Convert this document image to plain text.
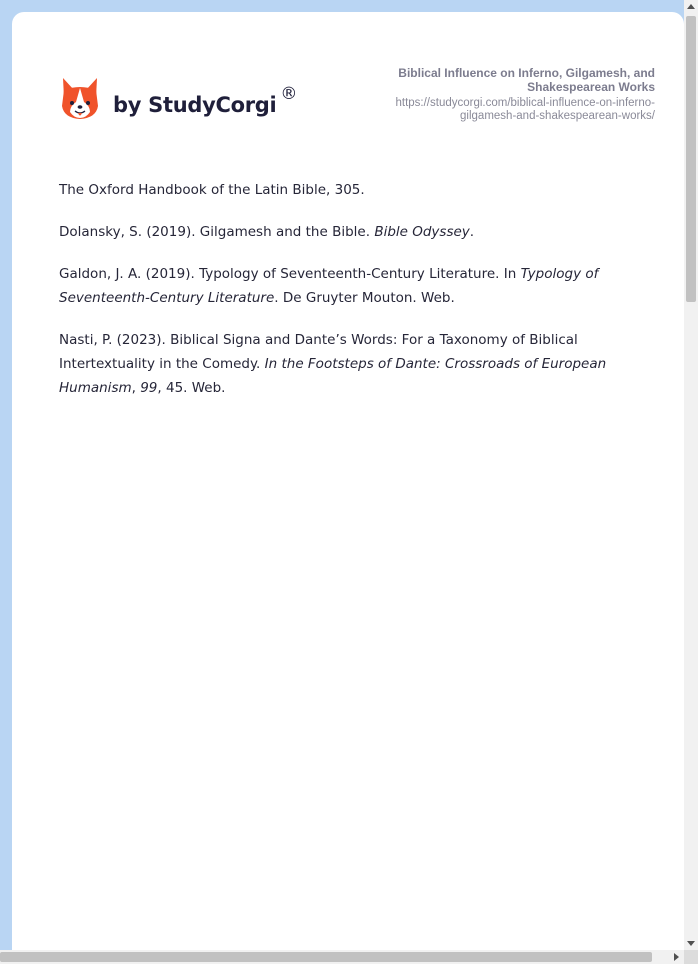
by StudyCorgi ®
Biblical Influence on Inferno, Gilgamesh, and Shakespearean Works
https://studycorgi.com/biblical-influence-on-inferno-gilgamesh-and-shakespearean-works/

The Oxford Handbook of the Latin Bible, 305.

Dolansky, S. (2019). Gilgamesh and the Bible. Bible Odyssey.

Galdon, J. A. (2019). Typology of Seventeenth-Century Literature. In Typology of Seventeenth-Century Literature. De Gruyter Mouton. Web.

Nasti, P. (2023). Biblical Signa and Dante’s Words: For a Taxonomy of Biblical Intertextuality in the Comedy. In the Footsteps of Dante: Crossroads of European Humanism, 99, 45. Web.
